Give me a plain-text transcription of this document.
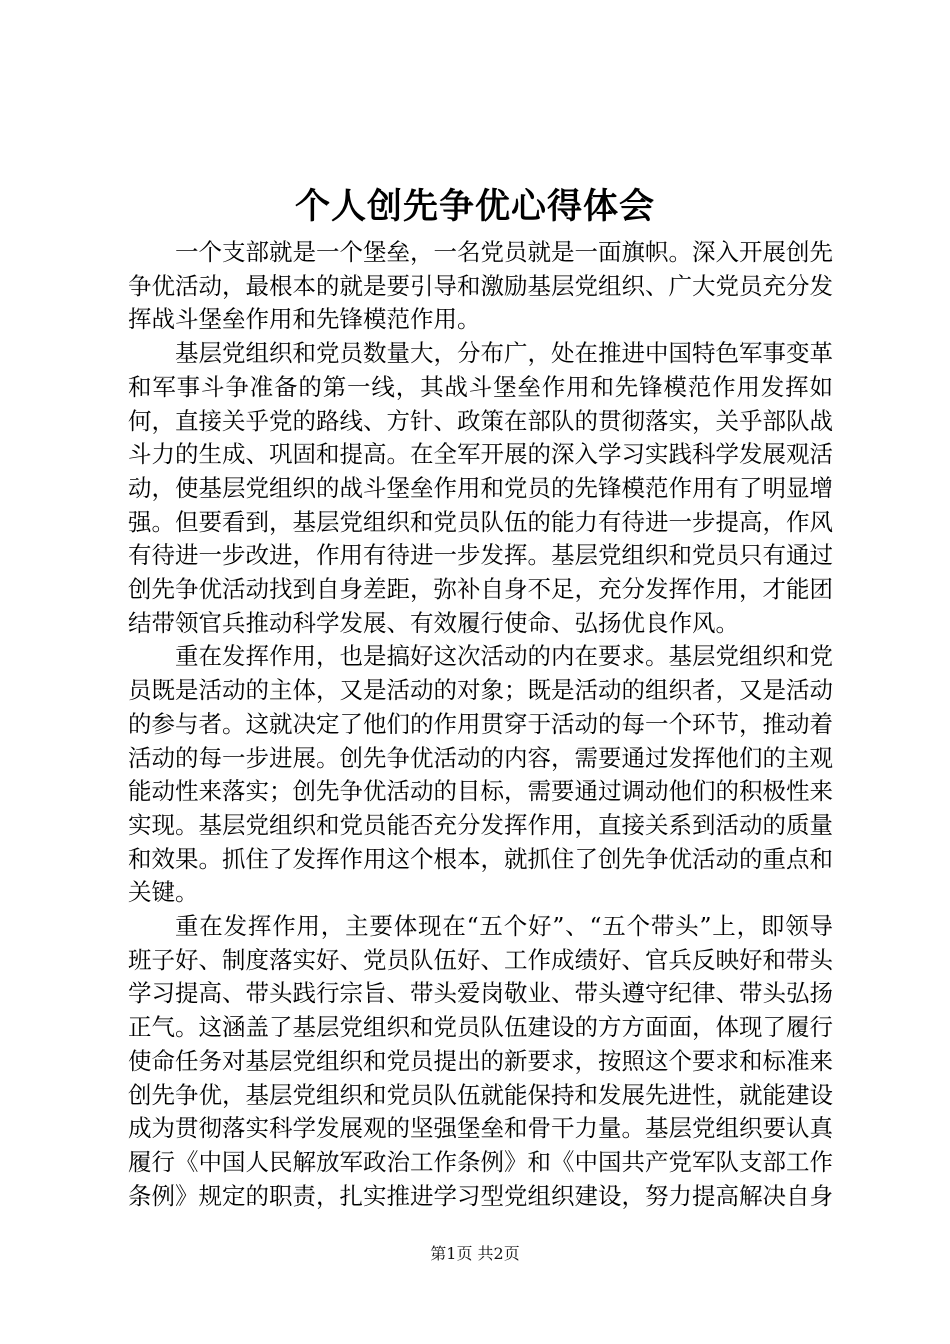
个人创先争优心得体会

一个支部就是一个堡垒，一名党员就是一面旗帜。深入开展创先争优活动，最根本的就是要引导和激励基层党组织、广大党员充分发挥战斗堡垒作用和先锋模范作用。

基层党组织和党员数量大，分布广，处在推进中国特色军事变革和军事斗争准备的第一线，其战斗堡垒作用和先锋模范作用发挥如何，直接关乎党的路线、方针、政策在部队的贯彻落实，关乎部队战斗力的生成、巩固和提高。在全军开展的深入学习实践科学发展观活动，使基层党组织的战斗堡垒作用和党员的先锋模范作用有了明显增强。但要看到，基层党组织和党员队伍的能力有待进一步提高，作风有待进一步改进，作用有待进一步发挥。基层党组织和党员只有通过创先争优活动找到自身差距，弥补自身不足，充分发挥作用，才能团结带领官兵推动科学发展、有效履行使命、弘扬优良作风。

重在发挥作用，也是搞好这次活动的内在要求。基层党组织和党员既是活动的主体，又是活动的对象；既是活动的组织者，又是活动的参与者。这就决定了他们的作用贯穿于活动的每一个环节，推动着活动的每一步进展。创先争优活动的内容，需要通过发挥他们的主观能动性来落实；创先争优活动的目标，需要通过调动他们的积极性来实现。基层党组织和党员能否充分发挥作用，直接关系到活动的质量和效果。抓住了发挥作用这个根本，就抓住了创先争优活动的重点和关键。

重在发挥作用，主要体现在“五个好”、“五个带头”上，即领导班子好、制度落实好、党员队伍好、工作成绩好、官兵反映好和带头学习提高、带头践行宗旨、带头爱岗敬业、带头遵守纪律、带头弘扬正气。这涵盖了基层党组织和党员队伍建设的方方面面，体现了履行使命任务对基层党组织和党员提出的新要求，按照这个要求和标准来创先争优，基层党组织和党员队伍就能保持和发展先进性，就能建设成为贯彻落实科学发展观的坚强堡垒和骨干力量。基层党组织要认真履行《中国人民解放军政治工作条例》和《中国共产党军队支部工作条例》规定的职责，扎实推进学习型党组织建设，努力提高解决自身

第1页 共2页
